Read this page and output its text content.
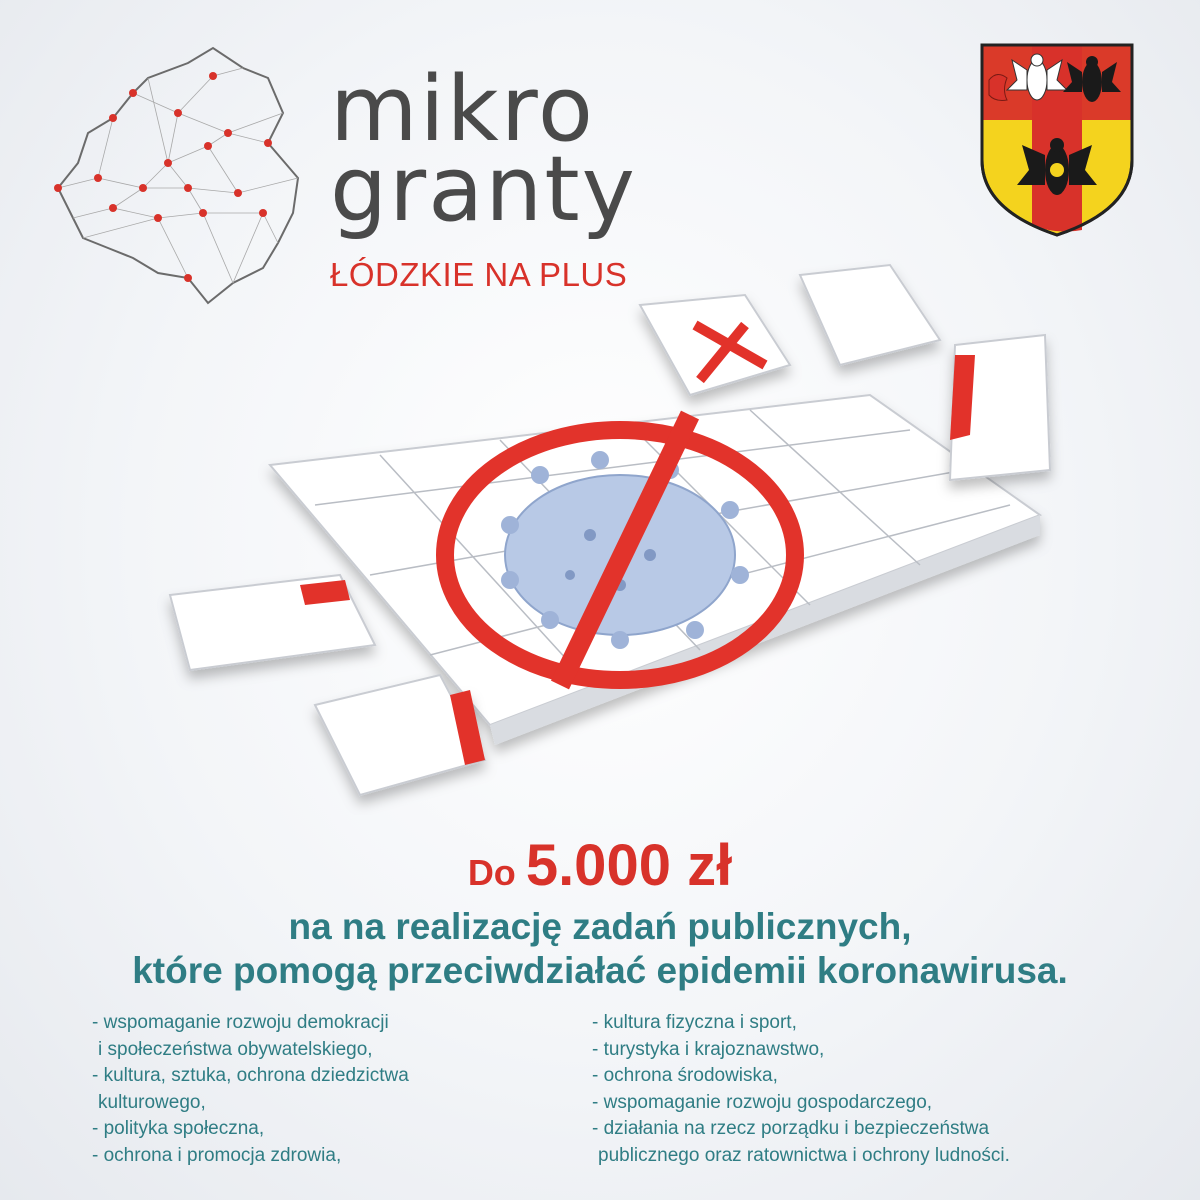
mikro
granty
ŁÓDZKIE NA PLUS
Do 5.000 zł
na na realizację zadań publicznych,
które pomogą przeciwdziałać epidemii koronawirusa.
- wspomaganie rozwoju demokracji
i społeczeństwa obywatelskiego,
- kultura, sztuka, ochrona dziedzictwa
kulturowego,
- polityka społeczna,
- ochrona i promocja zdrowia,
- kultura fizyczna i sport,
- turystyka i krajoznawstwo,
- ochrona środowiska,
- wspomaganie rozwoju gospodarczego,
- działania na rzecz porządku i bezpieczeństwa
publicznego oraz ratownictwa i ochrony ludności.
